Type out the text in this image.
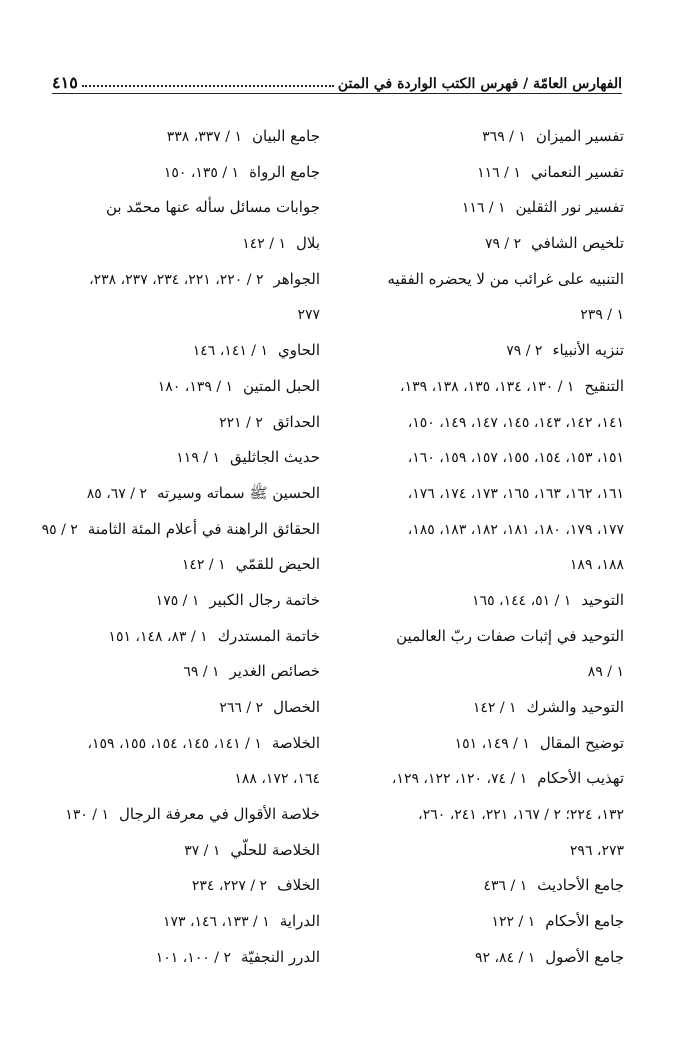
الفهارس العامّة / فهرس الكتب الواردة في المتن
٤١٥
تفسير الميزان١ / ٣٦٩
تفسير النعماني١ / ١١٦
تفسير نور الثقلين١ / ١١٦
تلخيص الشافي٢ / ٧٩
التنبيه على غرائب من لا يحضره الفقيه
١ / ٢٣٩
تنزيه الأنبياء٢ / ٧٩
التنقيح١ / ١٣٠، ١٣٤، ١٣٥، ١٣٨، ١٣٩،
١٤١، ١٤٢، ١٤٣، ١٤٥، ١٤٧، ١٤٩، ١٥٠،
١٥١، ١٥٣، ١٥٤، ١٥٥، ١٥٧، ١٥٩، ١٦٠،
١٦١، ١٦٢، ١٦٣، ١٦٥، ١٧٣، ١٧٤، ١٧٦،
١٧٧، ١٧٩، ١٨٠، ١٨١، ١٨٢، ١٨٣، ١٨٥،
١٨٨، ١٨٩
التوحيد١ / ٥١، ١٤٤، ١٦٥
التوحيد في إثبات صفات ربّ العالمين
١ / ٨٩
التوحيد والشرك١ / ١٤٢
توضيح المقال١ / ١٤٩، ١٥١
تهذيب الأحكام١ / ٧٤، ١٢٠، ١٢٢، ١٢٩،
١٣٢، ٢٢٤؛ ٢ / ١٦٧، ٢٢١، ٢٤١، ٢٦٠،
٢٧٣، ٢٩٦
جامع الأحاديث١ / ٤٣٦
جامع الأحكام١ / ١٢٢
جامع الأصول١ / ٨٤، ٩٢
جامع البيان١ / ٣٣٧، ٣٣٨
جامع الرواة١ / ١٣٥، ١٥٠
جوابات مسائل سأله عنها محمّد بن
بلال١ / ١٤٢
الجواهر٢ / ٢٢٠، ٢٢١، ٢٣٤، ٢٣٧، ٢٣٨،
٢٧٧
الحاوي١ / ١٤١، ١٤٦
الحبل المتين١ / ١٣٩، ١٨٠
الحدائق٢ / ٢٢١
حديث الجاثليق١ / ١١٩
الحسين ﷺ سماته وسيرته٢ / ٦٧، ٨٥
الحقائق الراهنة في أعلام المئة الثامنة٢ / ٩٥
الحيض للقمّي١ / ١٤٢
خاتمة رجال الكبير١ / ١٧٥
خاتمة المستدرك١ / ٨٣، ١٤٨، ١٥١
خصائص الغدير١ / ٦٩
الخصال٢ / ٢٦٦
الخلاصة١ / ١٤١، ١٤٥، ١٥٤، ١٥٥، ١٥٩،
١٦٤، ١٧٢، ١٨٨
خلاصة الأقوال في معرفة الرجال١ / ١٣٠
الخلاصة للحلّي١ / ٣٧
الخلاف٢ / ٢٢٧، ٢٣٤
الدراية١ / ١٣٣، ١٤٦، ١٧٣
الدرر النجفيّة٢ / ١٠٠، ١٠١
